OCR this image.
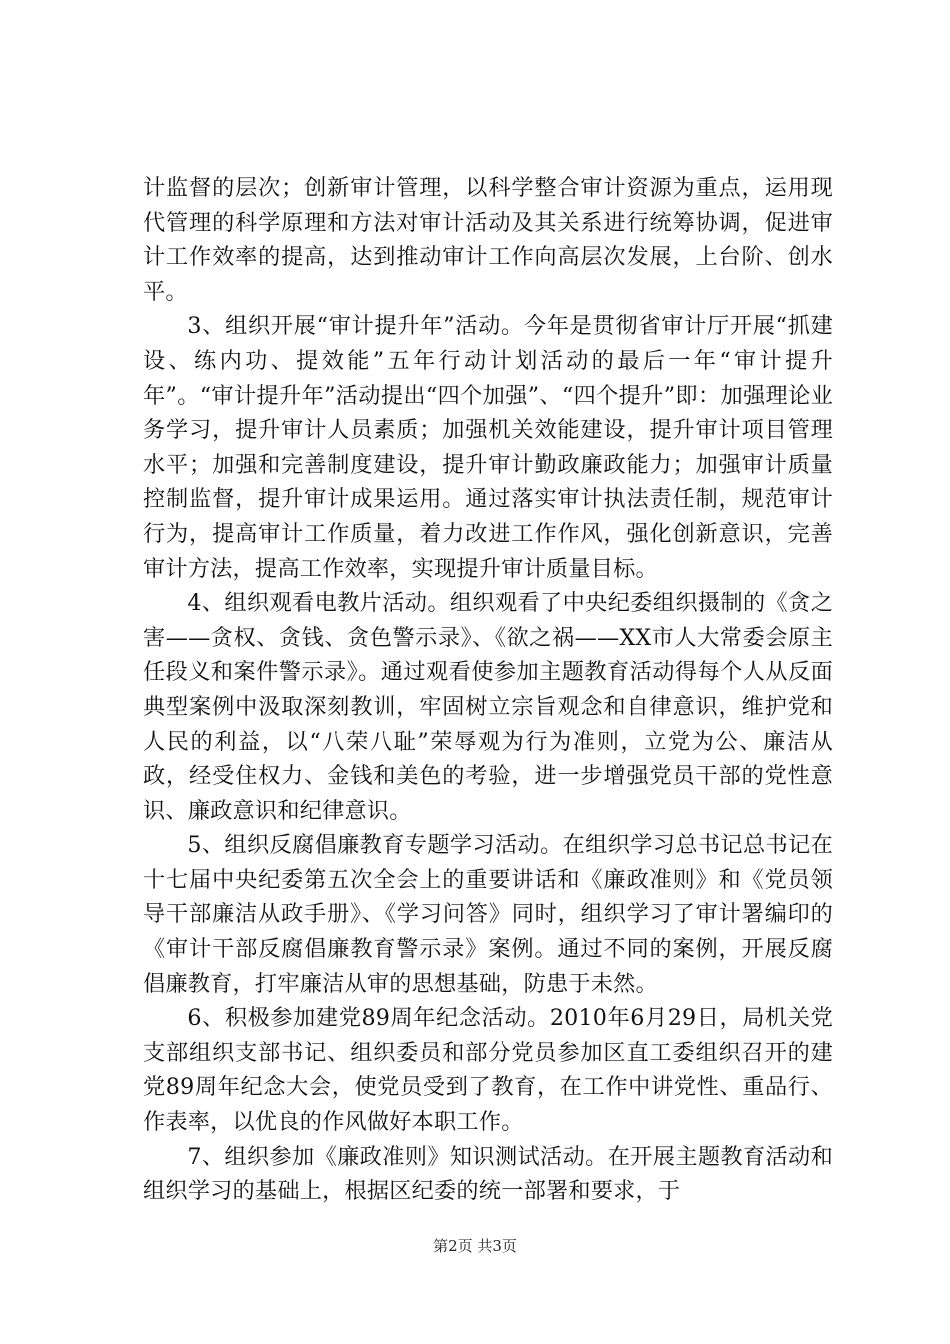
计监督的层次；创新审计管理，以科学整合审计资源为重点，运用现代管理的科学原理和方法对审计活动及其关系进行统筹协调，促进审计工作效率的提高，达到推动审计工作向高层次发展，上台阶、创水平。

3、组织开展“审计提升年”活动。今年是贯彻省审计厅开展“抓建设、练内功、提效能”五年行动计划活动的最后一年“审计提升年”。“审计提升年”活动提出“四个加强”、“四个提升”即：加强理论业务学习，提升审计人员素质；加强机关效能建设，提升审计项目管理水平；加强和完善制度建设，提升审计勤政廉政能力；加强审计质量控制监督，提升审计成果运用。通过落实审计执法责任制，规范审计行为，提高审计工作质量，着力改进工作作风，强化创新意识，完善审计方法，提高工作效率，实现提升审计质量目标。

4、组织观看电教片活动。组织观看了中央纪委组织摄制的《贪之害——贪权、贪钱、贪色警示录》、《欲之祸——XX市人大常委会原主任段义和案件警示录》。通过观看使参加主题教育活动得每个人从反面典型案例中汲取深刻教训，牢固树立宗旨观念和自律意识，维护党和人民的利益，以“八荣八耻”荣辱观为行为准则，立党为公、廉洁从政，经受住权力、金钱和美色的考验，进一步增强党员干部的党性意识、廉政意识和纪律意识。

5、组织反腐倡廉教育专题学习活动。在组织学习总书记总书记在十七届中央纪委第五次全会上的重要讲话和《廉政准则》和《党员领导干部廉洁从政手册》、《学习问答》同时，组织学习了审计署编印的《审计干部反腐倡廉教育警示录》案例。通过不同的案例，开展反腐倡廉教育，打牢廉洁从审的思想基础，防患于未然。

6、积极参加建党89周年纪念活动。2010年6月29日，局机关党支部组织支部书记、组织委员和部分党员参加区直工委组织召开的建党89周年纪念大会，使党员受到了教育，在工作中讲党性、重品行、作表率，以优良的作风做好本职工作。

7、组织参加《廉政准则》知识测试活动。在开展主题教育活动和组织学习的基础上，根据区纪委的统一部署和要求，于

第2页 共3页
